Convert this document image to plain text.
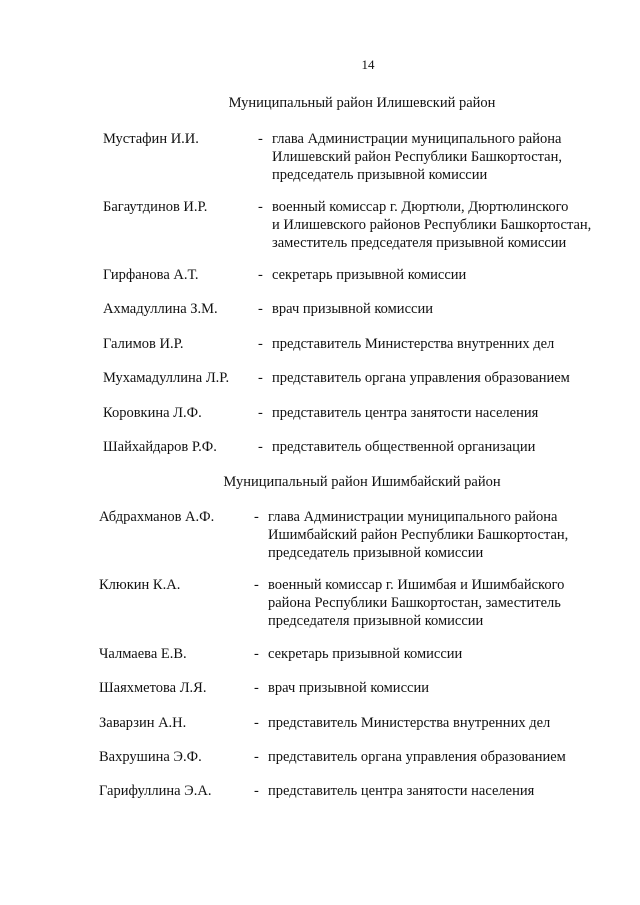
14
Муниципальный район Илишевский район
Мустафин И.И.	- глава Администрации муниципального района
Илишевский район Республики Башкортостан,
председатель призывной комиссии
Багаутдинов И.Р.	- военный комиссар г. Дюртюли, Дюртюлинского
и Илишевского районов Республики Башкортостан,
заместитель председателя призывной комиссии
Гирфанова А.Т.	- секретарь призывной комиссии
Ахмадуллина З.М.	- врач призывной комиссии
Галимов И.Р.	- представитель Министерства внутренних дел
Мухамадуллина Л.Р. - представитель органа управления образованием
Коровкина Л.Ф.	- представитель центра занятости населения
Шайхайдаров Р.Ф.	- представитель общественной организации
Муниципальный район Ишимбайский район
Абдрахманов А.Ф.	- глава Администрации муниципального района
Ишимбайский район Республики Башкортостан,
председатель призывной комиссии
Клюкин К.А.	- военный комиссар г. Ишимбая и Ишимбайского
района Республики Башкортостан, заместитель
председателя призывной комиссии
Чалмаева Е.В.	- секретарь призывной комиссии
Шаяхметова Л.Я.	- врач призывной комиссии
Заварзин А.Н.	- представитель Министерства внутренних дел
Вахрушина Э.Ф.	- представитель органа управления образованием
Гарифуллина Э.А.	- представитель центра занятости населения
